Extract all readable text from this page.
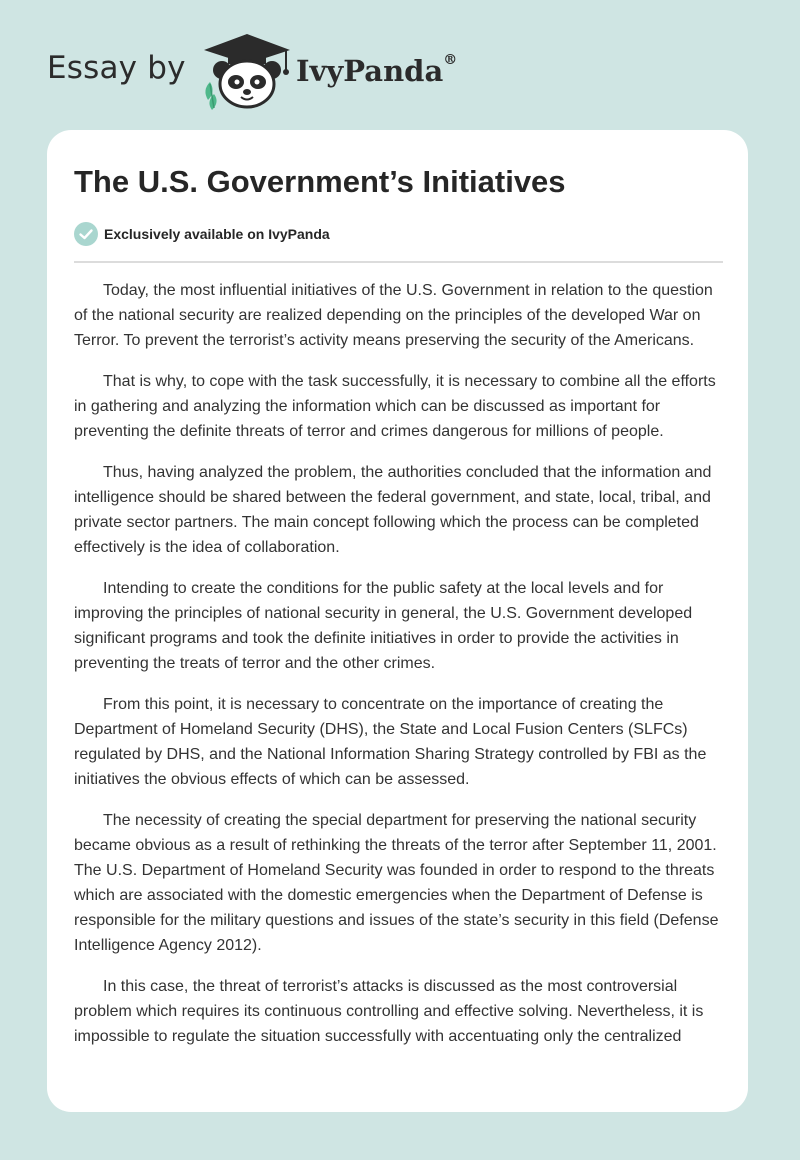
Essay by	IvyPanda®
The U.S. Government’s Initiatives
Exclusively available on IvyPanda

Today, the most influential initiatives of the U.S. Government in relation to the question of the national security are realized depending on the principles of the developed War on Terror. To prevent the terrorist’s activity means preserving the security of the Americans.

That is why, to cope with the task successfully, it is necessary to combine all the efforts in gathering and analyzing the information which can be discussed as important for preventing the definite threats of terror and crimes dangerous for millions of people.

Thus, having analyzed the problem, the authorities concluded that the information and intelligence should be shared between the federal government, and state, local, tribal, and private sector partners. The main concept following which the process can be completed effectively is the idea of collaboration.

Intending to create the conditions for the public safety at the local levels and for improving the principles of national security in general, the U.S. Government developed significant programs and took the definite initiatives in order to provide the activities in preventing the treats of terror and the other crimes.

From this point, it is necessary to concentrate on the importance of creating the Department of Homeland Security (DHS), the State and Local Fusion Centers (SLFCs) regulated by DHS, and the National Information Sharing Strategy controlled by FBI as the initiatives the obvious effects of which can be assessed.

The necessity of creating the special department for preserving the national security became obvious as a result of rethinking the threats of the terror after September 11, 2001. The U.S. Department of Homeland Security was founded in order to respond to the threats which are associated with the domestic emergencies when the Department of Defense is responsible for the military questions and issues of the state’s security in this field (Defense Intelligence Agency 2012).

In this case, the threat of terrorist’s attacks is discussed as the most controversial problem which requires its continuous controlling and effective solving. Nevertheless, it is impossible to regulate the situation successfully with accentuating only the centralized
